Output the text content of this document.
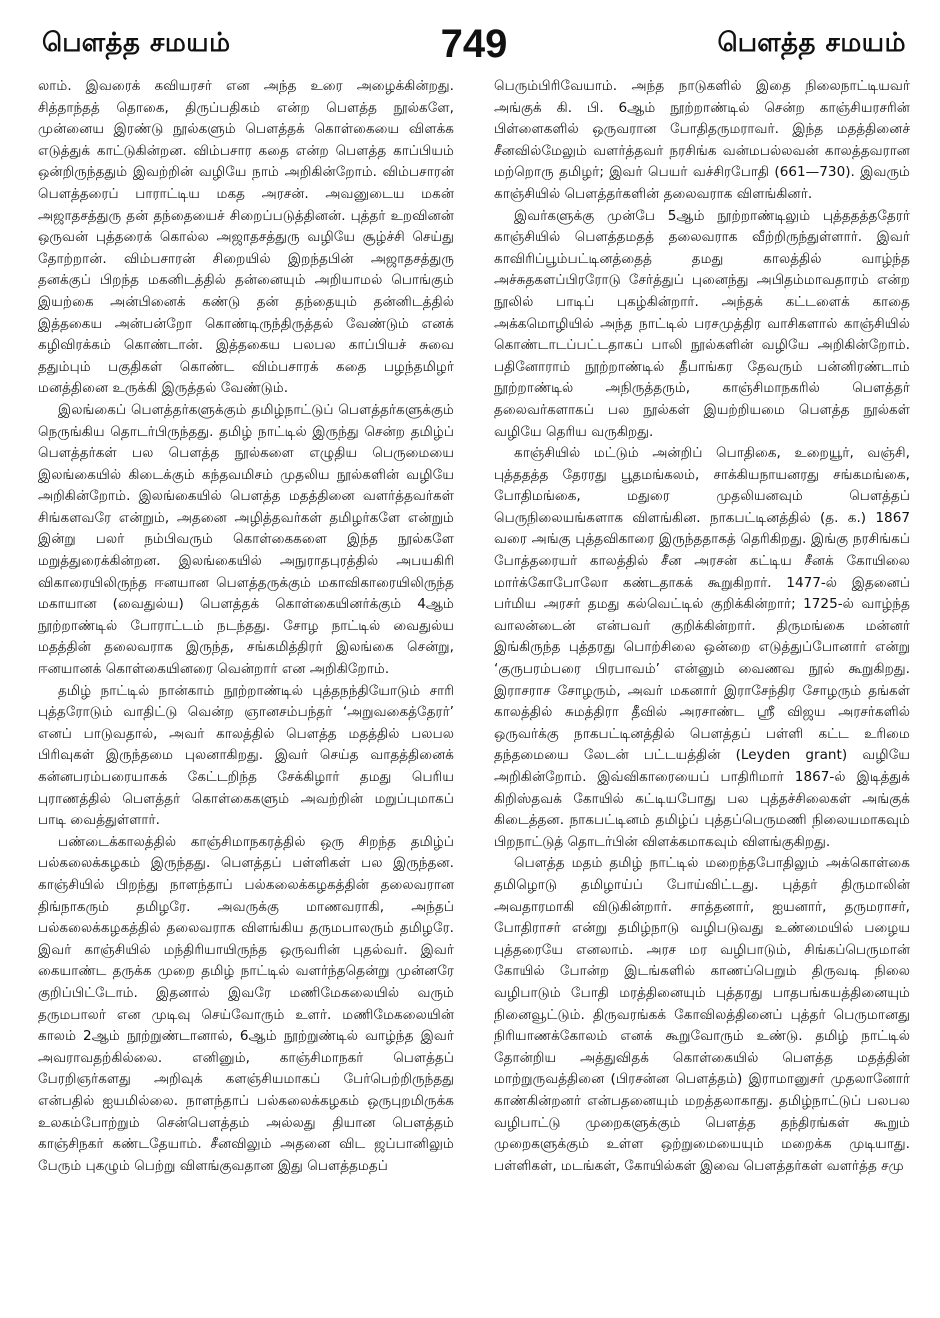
பௌத்த சமயம்	749	பௌத்த சமயம்

லாம். இவரைக் கவியரசர் என அந்த உரை அழைக்கின்றது. சித்தாந்தத் தொகை, திருப்பதிகம் என்ற பௌத்த நூல்களே, முன்னைய இரண்டு நூல்களும் பௌத்தக் கொள்கையை விளக்க எடுத்துக் காட்டுகின்றன. விம்பசார கதை என்ற பௌத்த காப்பியம் ஒன்றிருந்ததும் இவற்றின் வழியே நாம் அறிகின்றோம். விம்பசாரன் பௌத்தரைப் பாராட்டிய மகத அரசன். அவனுடைய மகன் அஜாதசத்துரு தன் தந்தையைச் சிறைப்படுத்தினன். புத்தர் உறவினன் ஒருவன் புத்தரைக் கொல்ல அஜாதசத்துரு வழியே சூழ்ச்சி செய்து தோற்றான். விம்பசாரன் சிறையில் இறந்தபின் அஜாதசத்துரு தனக்குப் பிறந்த மகனிடத்தில் தன்னையும் அறியாமல் பொங்கும் இயற்கை அன்பினைக் கண்டு தன் தந்தையும் தன்னிடத்தில் இத்தகைய அன்பன்றோ கொண்டிருந்திருத்தல் வேண்டும் எனக் கழிவிரக்கம் கொண்டான். இத்தகைய பலபல காப்பியச் சுவை ததும்பும் பகுதிகள் கொண்ட விம்பசாரக் கதை பழந்தமிழர் மனத்தினை உருக்கி இருத்தல் வேண்டும்.

இலங்கைப் பௌத்தர்களுக்கும் தமிழ்நாட்டுப் பௌத்தர்களுக்கும் நெருங்கிய தொடர்பிருந்தது. தமிழ் நாட்டில் இருந்து சென்ற தமிழ்ப் பௌத்தர்கள் பல பௌத்த நூல்களை எழுதிய பெருமையை இலங்கையில் கிடைக்கும் கந்தவமிசம் முதலிய நூல்களின் வழியே அறிகின்றோம். இலங்கையில் பௌத்த மதத்தினை வளர்த்தவர்கள் சிங்களவரே என்றும், அதனை அழித்தவர்கள் தமிழர்களே என்றும் இன்று பலர் நம்பிவரும் கொள்கைகளை இந்த நூல்களே மறுத்துரைக்கின்றன. இலங்கையில் அநுராதபுரத்தில் அபயகிரி விகாரையிலிருந்த ஈனயான பௌத்தருக்கும் மகாவிகாரையிலிருந்த மகாயான (வைதுல்ய) பௌத்தக் கொள்கையினர்க்கும் 4ஆம் நூற்றாண்டில் போராட்டம் நடந்தது. சோழ நாட்டில் வைதுல்ய மதத்தின் தலைவராக இருந்த, சங்கமித்திரர் இலங்கை சென்று, ஈனயானக் கொள்கையினரை வென்றார் என அறிகிறோம்.

தமிழ் நாட்டில் நான்காம் நூற்றாண்டில் புத்தநந்தியோடும் சாரி புத்தரோடும் வாதிட்டு வென்ற ஞானசம்பந்தர் ‘அறுவகைத்தேரர்’ எனப் பாடுவதால், அவர் காலத்தில் பௌத்த மதத்தில் பலபல பிரிவுகள் இருந்தமை புலனாகிறது. இவர் செய்த வாதத்தினைக் கன்னபரம்பரையாகக் கேட்டறிந்த சேக்கிழார் தமது பெரிய புராணத்தில் பௌத்தர் கொள்கைகளும் அவற்றின் மறுப்புமாகப் பாடி வைத்துள்ளார்.

பண்டைக்காலத்தில் காஞ்சிமாநகரத்தில் ஒரு சிறந்த தமிழ்ப் பல்கலைக்கழகம் இருந்தது. பௌத்தப் பள்ளிகள் பல இருந்தன. காஞ்சியில் பிறந்து நாளந்தாப் பல்கலைக்கழகத்தின் தலைவரான திங்நாகரும் தமிழரே. அவருக்கு மாணவராகி, அந்தப் பல்கலைக்கழகத்தில் தலைவராக விளங்கிய தருமபாலரும் தமிழரே. இவர் காஞ்சியில் மந்திரியாயிருந்த ஒருவரின் புதல்வர். இவர் கையாண்ட தருக்க முறை தமிழ் நாட்டில் வளர்ந்ததென்று முன்னரே குறிப்பிட்டோம். இதனால் இவரே மணிமேகலையில் வரும் தருமபாலர் என முடிவு செய்வோரும் உளர். மணிமேகலையின் காலம் 2ஆம் நூற்றுண்டானால், 6ஆம் நூற்றுண்டில் வாழ்ந்த இவர் அவராவதற்கில்லை. எனினும், காஞ்சிமாநகர் பௌத்தப் பேரறிஞர்களது அறிவுக் களஞ்சியமாகப் பேர்பெற்றிருந்தது என்பதில் ஐயமில்லை. நாளந்தாப் பல்கலைக்கழகம் ஒருபுறமிருக்க உலகம்போற்றும் சென்பௌத்தம் அல்லது தியான பௌத்தம் காஞ்சிநகர் கண்டதேயாம். சீனவிலும் அதனை விட ஜப்பானிலும் பேரும் புகழும் பெற்று விளங்குவதான இது பௌத்தமதப்

பெரும்பிரிவேயாம். அந்த நாடுகளில் இதை நிலைநாட்டியவர் அங்குக் கி. பி. 6ஆம் நூற்றாண்டில் சென்ற காஞ்சியரசரின் பிள்ளைகளில் ஒருவரான போதிதருமராவர். இந்த மதத்தினைச் சீனவில்மேலும் வளர்த்தவர் நரசிங்க வன்மபல்லவன் காலத்தவரான மற்றொரு தமிழர்; இவர் பெயர் வச்சிரபோதி (661—730). இவரும் காஞ்சியில் பௌத்தர்களின் தலைவராக விளங்கினர்.

இவர்களுக்கு முன்பே 5ஆம் நூற்றாண்டிலும் புத்ததத்ததேரர் காஞ்சியில் பௌத்தமதத் தலைவராக வீற்றிருந்துள்ளார். இவர் காவிரிப்பூம்பட்டினத்தைத் தமது காலத்தில் வாழ்ந்த அச்சுதகளப்பிரரோடு சேர்த்துப் புனைந்து அபிதம்மாவதாரம் என்ற நூலில் பாடிப் புகழ்கின்றார். அந்தக் கட்டளைக் காதை அக்கமொழியில் அந்த நாட்டில் பரசமுத்திர வாசிகளால் காஞ்சியில் கொண்டாடப்பட்டதாகப் பாலி நூல்களின் வழியே அறிகின்றோம். பதினோராம் நூற்றாண்டில் தீபாங்கர தேவரும் பன்னிரண்டாம் நூற்றாண்டில் அநிருத்தரும், காஞ்சிமாநகரில் பௌத்தர் தலைவர்களாகப் பல நூல்கள் இயற்றியமை பௌத்த நூல்கள் வழியே தெரிய வருகிறது.

காஞ்சியில் மட்டும் அன்றிப் பொதிகை, உறையூர், வஞ்சி, புத்ததத்த தேரரது பூதமங்கலம், சாக்கியநாயனரது சங்கமங்கை, போதிமங்கை, மதுரை முதலியனவும் பௌத்தப் பெருநிலையங்களாக விளங்கின. நாகபட்டினத்தில் (த. க.) 1867 வரை அங்கு புத்தவிகாரை இருந்ததாகத் தெரிகிறது. இங்கு நரசிங்கப் போத்தரையர் காலத்தில் சீன அரசன் கட்டிய சீனக் கோயிலை மார்க்கோபோலோ கண்டதாகக் கூறுகிறார். 1477-ல் இதனைப் பர்மிய அரசர் தமது கல்வெட்டில் குறிக்கின்றார்; 1725-ல் வாழ்ந்த வாலன்டைன் என்பவர் குறிக்கின்றார். திருமங்கை மன்னர் இங்கிருந்த புத்தரது பொற்சிலை ஒன்றை எடுத்துப்போனார் என்று ‘குருபரம்பரை பிரபாவம்’ என்னும் வைணவ நூல் கூறுகிறது. இராசராச சோழரும், அவர் மகனார் இராசேந்திர சோழரும் தங்கள் காலத்தில் சுமத்திரா தீவில் அரசாண்ட ஸ்ரீ விஜய அரசர்களில் ஒருவர்க்கு நாகபட்டினத்தில் பௌத்தப் பள்ளி கட்ட உரிமை தந்தமையை லேடன் பட்டயத்தின் (Leyden grant) வழியே அறிகின்றோம். இவ்விகாரையைப் பாதிரிமார் 1867-ல் இடித்துக் கிறிஸ்தவக் கோயில் கட்டியபோது பல புத்தச்சிலைகள் அங்குக் கிடைத்தன. நாகபட்டினம் தமிழ்ப் புத்தப்பெருமணி நிலையமாகவும் பிறநாட்டுத் தொடர்பின் விளக்கமாகவும் விளங்குகிறது.

பௌத்த மதம் தமிழ் நாட்டில் மறைந்தபோதிலும் அக்கொள்கை தமிழொடு தமிழாய்ப் போய்விட்டது. புத்தர் திருமாலின் அவதாரமாகி விடுகின்றார். சாத்தனார், ஐயனார், தருமராசர், போதிராசர் என்று தமிழ்நாடு வழிபடுவது உண்மையில் பழைய புத்தரையே எனலாம். அரச மர வழிபாடும், சிங்கப்பெருமான் கோயில் போன்ற இடங்களில் காணப்பெறும் திருவடி நிலை வழிபாடும் போதி மரத்தினையும் புத்தரது பாதபங்கயத்தினையும் நினைவூட்டும். திருவரங்கக் கோவிலத்தினைப் புத்தர் பெருமானது நிரியாணக்கோலம் எனக் கூறுவோரும் உண்டு. தமிழ் நாட்டில் தோன்றிய அத்துவிதக் கொள்கையில் பௌத்த மதத்தின் மாற்றுருவத்தினை (பிரசன்ன பௌத்தம்) இராமானுசர் முதலானோர் காண்கின்றனர் என்பதனையும் மறத்தலாகாது. தமிழ்நாட்டுப் பலபல வழிபாட்டு முறைகளுக்கும் பௌத்த தந்திரங்கள் கூறும் முறைகளுக்கும் உள்ள ஒற்றுமையையும் மறைக்க முடியாது. பள்ளிகள், மடங்கள், கோயில்கள் இவை பௌத்தர்கள் வளர்த்த சமு
